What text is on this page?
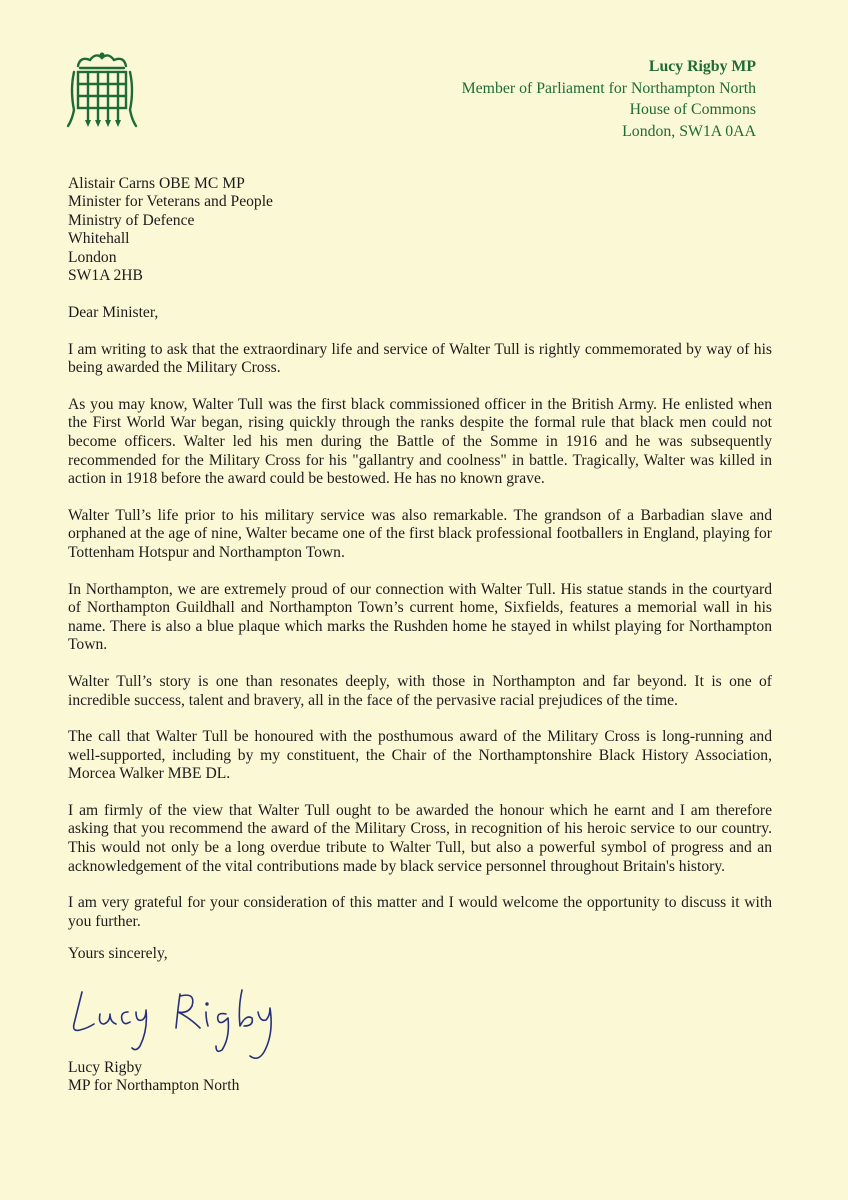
Lucy Rigby MP
Member of Parliament for Northampton North
House of Commons
London, SW1A 0AA
Alistair Carns OBE MC MP
Minister for Veterans and People
Ministry of Defence
Whitehall
London
SW1A 2HB

Dear Minister,

I am writing to ask that the extraordinary life and service of Walter Tull is rightly commemorated by way of his being awarded the Military Cross.

As you may know, Walter Tull was the first black commissioned officer in the British Army. He enlisted when the First World War began, rising quickly through the ranks despite the formal rule that black men could not become officers. Walter led his men during the Battle of the Somme in 1916 and he was subsequently recommended for the Military Cross for his "gallantry and coolness" in battle. Tragically, Walter was killed in action in 1918 before the award could be bestowed. He has no known grave.

Walter Tull’s life prior to his military service was also remarkable. The grandson of a Barbadian slave and orphaned at the age of nine, Walter became one of the first black professional footballers in England, playing for Tottenham Hotspur and Northampton Town.

In Northampton, we are extremely proud of our connection with Walter Tull. His statue stands in the courtyard of Northampton Guildhall and Northampton Town’s current home, Sixfields, features a memorial wall in his name. There is also a blue plaque which marks the Rushden home he stayed in whilst playing for Northampton Town.

Walter Tull’s story is one than resonates deeply, with those in Northampton and far beyond. It is one of incredible success, talent and bravery, all in the face of the pervasive racial prejudices of the time.

The call that Walter Tull be honoured with the posthumous award of the Military Cross is long-running and well-supported, including by my constituent, the Chair of the Northamptonshire Black History Association, Morcea Walker MBE DL.

I am firmly of the view that Walter Tull ought to be awarded the honour which he earnt and I am therefore asking that you recommend the award of the Military Cross, in recognition of his heroic service to our country. This would not only be a long overdue tribute to Walter Tull, but also a powerful symbol of progress and an acknowledgement of the vital contributions made by black service personnel throughout Britain's history.

I am very grateful for your consideration of this matter and I would welcome the opportunity to discuss it with you further.

Yours sincerely,
Lucy Rigby
MP for Northampton North
